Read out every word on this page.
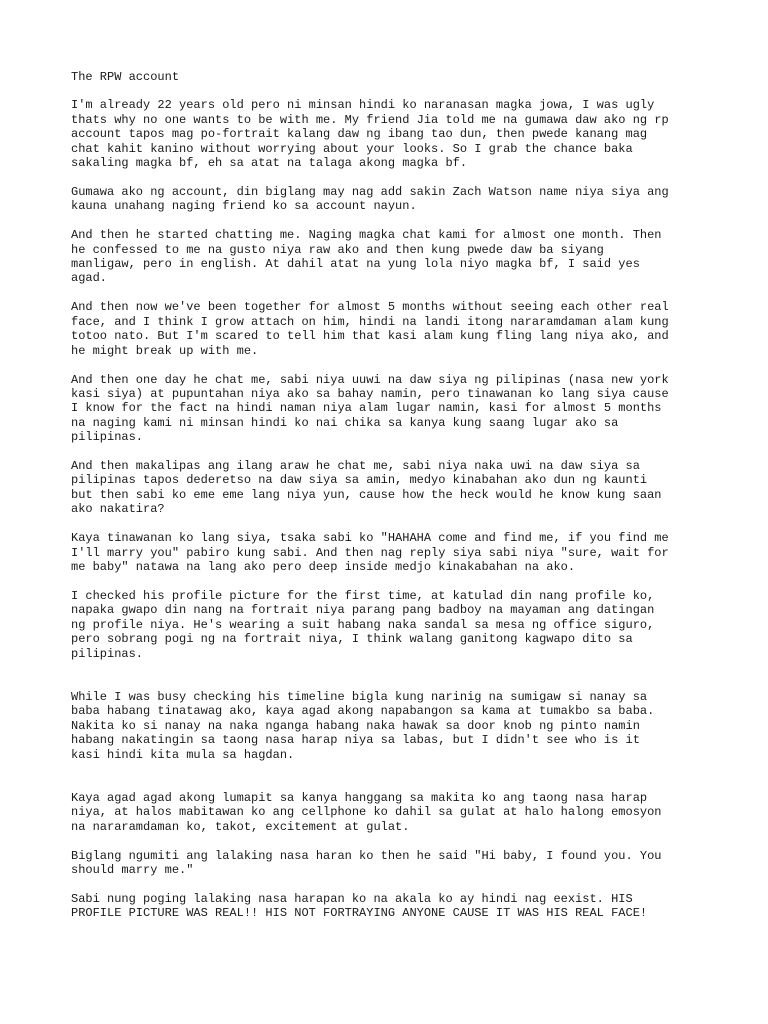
The RPW account

I'm already 22 years old pero ni minsan hindi ko naranasan magka jowa, I was ugly
thats why no one wants to be with me. My friend Jia told me na gumawa daw ako ng rp
account tapos mag po-fortrait kalang daw ng ibang tao dun, then pwede kanang mag
chat kahit kanino without worrying about your looks. So I grab the chance baka
sakaling magka bf, eh sa atat na talaga akong magka bf.

Gumawa ako ng account, din biglang may nag add sakin Zach Watson name niya siya ang
kauna unahang naging friend ko sa account nayun.

And then he started chatting me. Naging magka chat kami for almost one month. Then
he confessed to me na gusto niya raw ako and then kung pwede daw ba siyang
manligaw, pero in english. At dahil atat na yung lola niyo magka bf, I said yes
agad.

And then now we've been together for almost 5 months without seeing each other real
face, and I think I grow attach on him, hindi na landi itong nararamdaman alam kung
totoo nato. But I'm scared to tell him that kasi alam kung fling lang niya ako, and
he might break up with me.

And then one day he chat me, sabi niya uuwi na daw siya ng pilipinas (nasa new york
kasi siya) at pupuntahan niya ako sa bahay namin, pero tinawanan ko lang siya cause
I know for the fact na hindi naman niya alam lugar namin, kasi for almost 5 months
na naging kami ni minsan hindi ko nai chika sa kanya kung saang lugar ako sa
pilipinas.

And then makalipas ang ilang araw he chat me, sabi niya naka uwi na daw siya sa
pilipinas tapos dederetso na daw siya sa amin, medyo kinabahan ako dun ng kaunti
but then sabi ko eme eme lang niya yun, cause how the heck would he know kung saan
ako nakatira?

Kaya tinawanan ko lang siya, tsaka sabi ko "HAHAHA come and find me, if you find me
I'll marry you" pabiro kung sabi. And then nag reply siya sabi niya "sure, wait for
me baby" natawa na lang ako pero deep inside medjo kinakabahan na ako.

I checked his profile picture for the first time, at katulad din nang profile ko,
napaka gwapo din nang na fortrait niya parang pang badboy na mayaman ang datingan
ng profile niya. He's wearing a suit habang naka sandal sa mesa ng office siguro,
pero sobrang pogi ng na fortrait niya, I think walang ganitong kagwapo dito sa
pilipinas.

While I was busy checking his timeline bigla kung narinig na sumigaw si nanay sa
baba habang tinatawag ako, kaya agad akong napabangon sa kama at tumakbo sa baba.
Nakita ko si nanay na naka nganga habang naka hawak sa door knob ng pinto namin
habang nakatingin sa taong nasa harap niya sa labas, but I didn't see who is it
kasi hindi kita mula sa hagdan.

Kaya agad agad akong lumapit sa kanya hanggang sa makita ko ang taong nasa harap
niya, at halos mabitawan ko ang cellphone ko dahil sa gulat at halo halong emosyon
na nararamdaman ko, takot, excitement at gulat.

Biglang ngumiti ang lalaking nasa haran ko then he said "Hi baby, I found you. You
should marry me."

Sabi nung poging lalaking nasa harapan ko na akala ko ay hindi nag eexist. HIS
PROFILE PICTURE WAS REAL!! HIS NOT FORTRAYING ANYONE CAUSE IT WAS HIS REAL FACE!
